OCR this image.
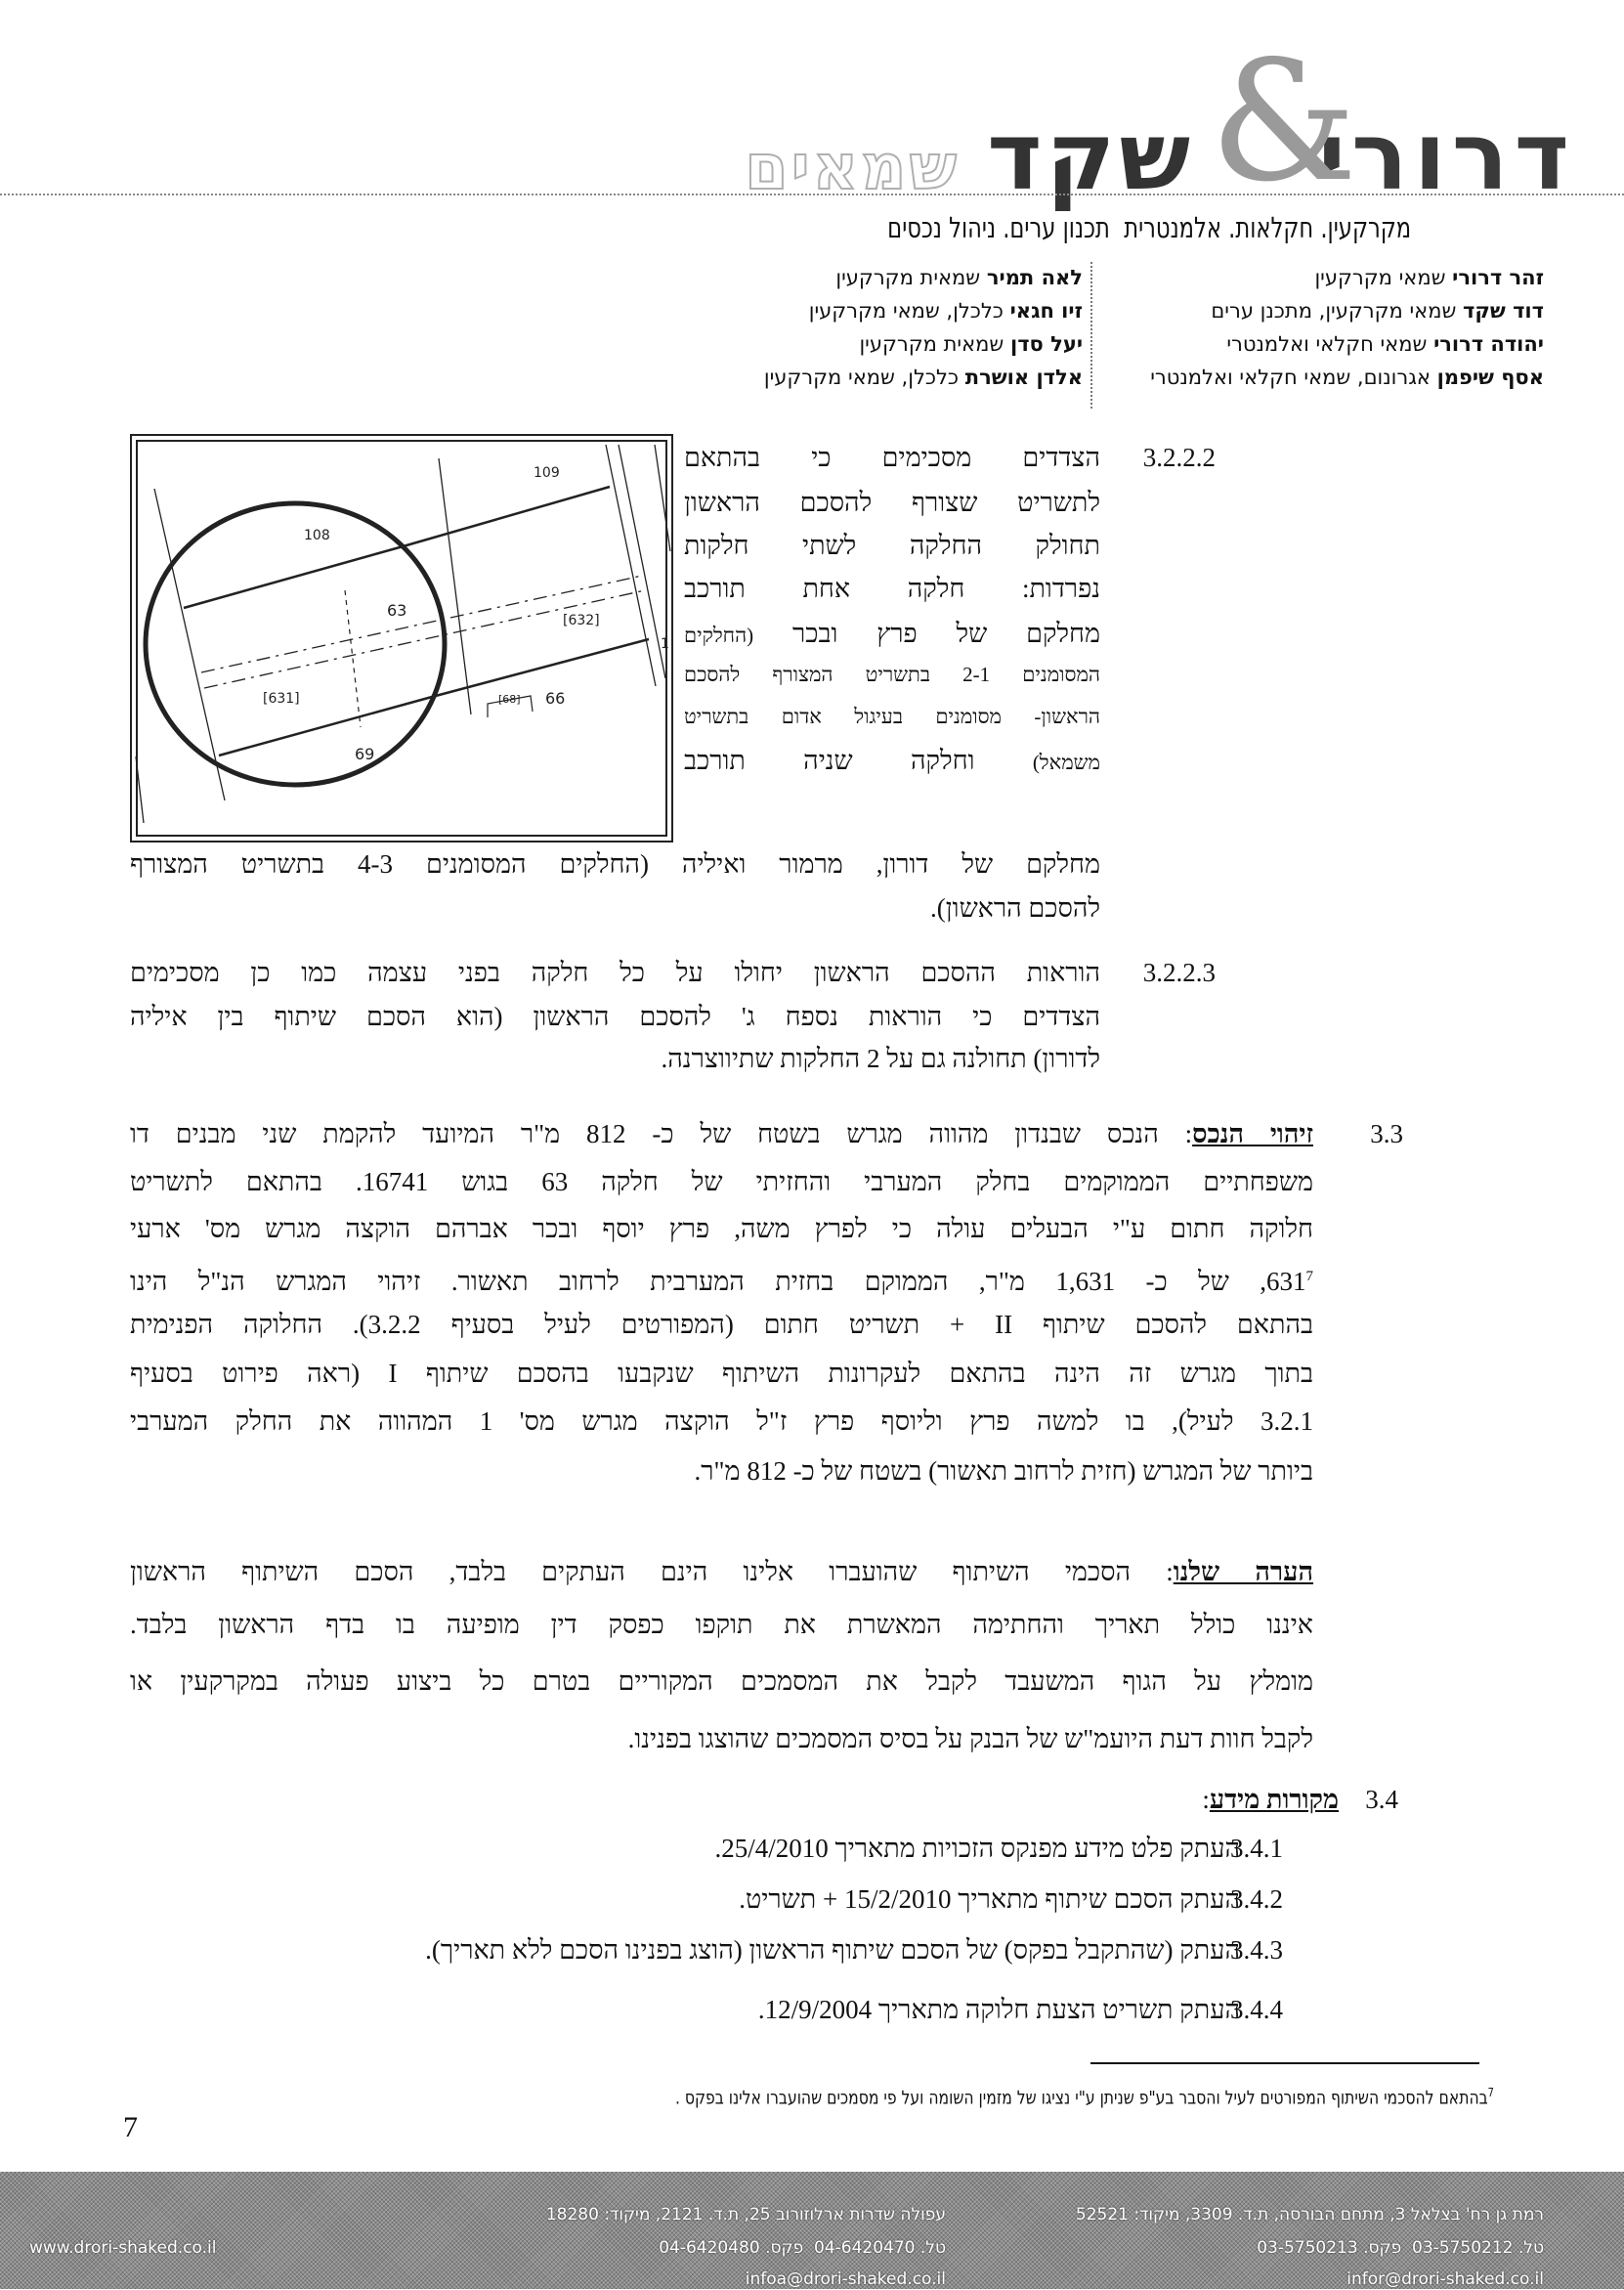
דרורי
&
שקד
שמאים
מקרקעין. חקלאות. אלמנטרית  תכנון ערים. ניהול נכסים
זהר דרורי שמאי מקרקעין
דוד שקד שמאי מקרקעין, מתכנן ערים
יהודה דרורי שמאי חקלאי ואלמנטרי
אסף שיפמן אגרונום, שמאי חקלאי ואלמנטרי
לאה תמיר שמאית מקרקעין
זיו חגאי כלכלן, שמאי מקרקעין
יעל סדן שמאית מקרקעין
אלדן אושרת כלכלן, שמאי מקרקעין
108
109
63
[632]
[631]	66
69
[68]
1
3.2.2.2
הצדדים מסכימים כי בהתאם
לתשריט שצורף להסכם הראשון
תחולק החלקה לשתי חלקות
נפרדות: חלקה אחת תורכב
מחלקם של פרץ ובכר (החלקים
המסומנים 2-1 בתשריט המצורף להסכם
הראשון- מסומנים בעיגול אדום בתשריט
משמאל) וחלקה שניה תורכב
מחלקם של דורון, מרמור ואיליה (החלקים המסומנים 4-3 בתשריט המצורף
להסכם הראשון).
3.2.2.3
הוראות ההסכם הראשון יחולו על כל חלקה בפני עצמה כמו כן מסכימים
הצדדים כי הוראות נספח ג' להסכם הראשון (הוא הסכם שיתוף בין איליה
לדורון) תחולנה גם על 2 החלקות שתיווצרנה.
3.3
זיהוי הנכס: הנכס שבנדון מהווה מגרש בשטח של כ- 812 מ"ר המיועד להקמת שני מבנים דו
משפחתיים הממוקמים בחלק המערבי והחזיתי של חלקה 63 בגוש 16741. בהתאם לתשריט
חלוקה חתום ע"י הבעלים עולה כי לפרץ משה, פרץ יוסף ובכר אברהם הוקצה מגרש מס' ארעי
$631^7$, של כ- 1,631 מ"ר, הממוקם בחזית המערבית לרחוב תאשור. זיהוי המגרש הנ"ל הינו
בהתאם להסכם שיתוף II + תשריט חתום (המפורטים לעיל בסעיף 3.2.2). החלוקה הפנימית
בתוך מגרש זה הינה בהתאם לעקרונות השיתוף שנקבעו בהסכם שיתוף I (ראה פירוט בסעיף
3.2.1 לעיל), בו למשה פרץ וליוסף פרץ ז"ל הוקצה מגרש מס' 1 המהווה את החלק המערבי
ביותר של המגרש (חזית לרחוב תאשור) בשטח של כ- 812 מ"ר.
הערה שלנו: הסכמי השיתוף שהועברו אלינו הינם העתקים בלבד, הסכם השיתוף הראשון
איננו כולל תאריך והחתימה המאשרת את תוקפו כפסק דין מופיעה בו בדף הראשון בלבד.
מומלץ על הגוף המשעבד לקבל את המסמכים המקוריים בטרם כל ביצוע פעולה במקרקעין או
לקבל חוות דעת היועמ"ש של הבנק על בסיס המסמכים שהוצגו בפנינו.
3.4
מקורות מידע:
3.4.1
העתק פלט מידע מפנקס הזכויות מתאריך 25/4/2010.
3.4.2
העתק הסכם שיתוף מתאריך 15/2/2010 + תשריט.
3.4.3
העתק (שהתקבל בפקס) של הסכם שיתוף הראשון (הוצג בפנינו הסכם ללא תאריך).
3.4.4
העתק תשריט הצעת חלוקה מתאריך 12/9/2004.
$^7$בהתאם להסכמי השיתוף המפורטים לעיל והסבר בע"פ שניתן ע"י נציגו של מזמין השומה ועל פי מסמכים שהועברו אלינו בפקס .
7
רמת גן רח' בצלאל 3, מתחם הבורסה, ת.ד. 3309, מיקוד: 52521
טל. 03-5750212  פקס. 03-5750213
infor@drori-shaked.co.il
עפולה שדרות ארלוזורוב 25, ת.ד. 2121, מיקוד: 18280
טל. 04-6420470  פקס. 04-6420480
infoa@drori-shaked.co.il
www.drori-shaked.co.il
